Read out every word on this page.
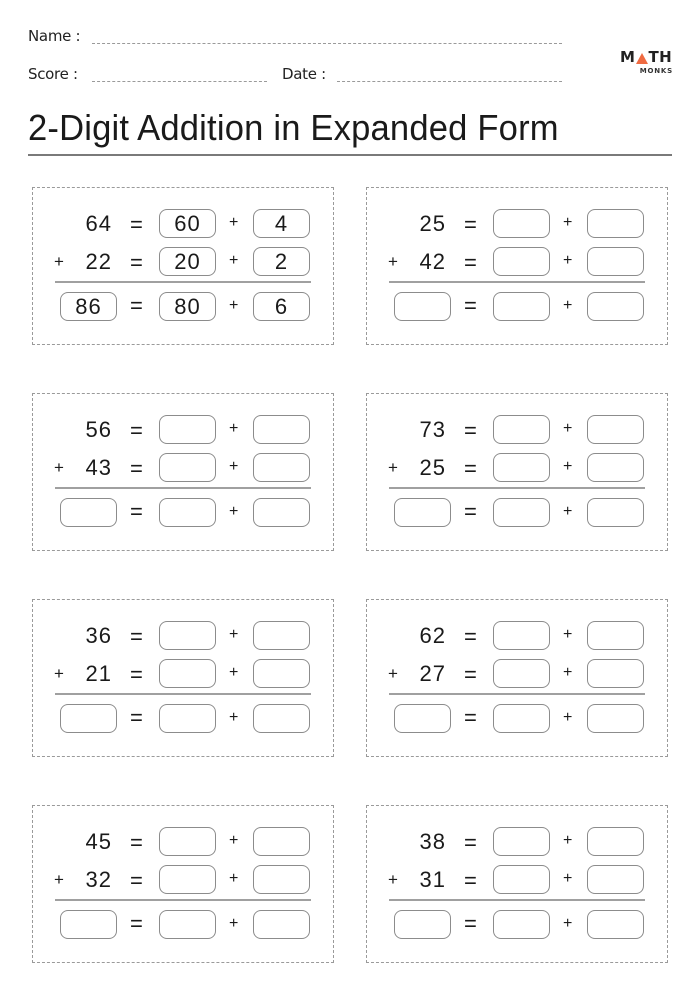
Name :
Score :	Date :
M TH
MONKS
2-Digit Addition in Expanded Form
64 =	60	+	4
+ 22 =	20	+	2
86	=	80	+	6
25 =	+
+ 42 =	+
=	+
56 =	+
+ 43 =	+
=	+
73 =	+
+ 25 =	+
=	+
36 =	+
+ 21 =	+
=	+
62 =	+
+ 27 =	+
=	+
45 =	+
+ 32 =	+
=	+
38 =	+
+ 31 =	+
=	+
